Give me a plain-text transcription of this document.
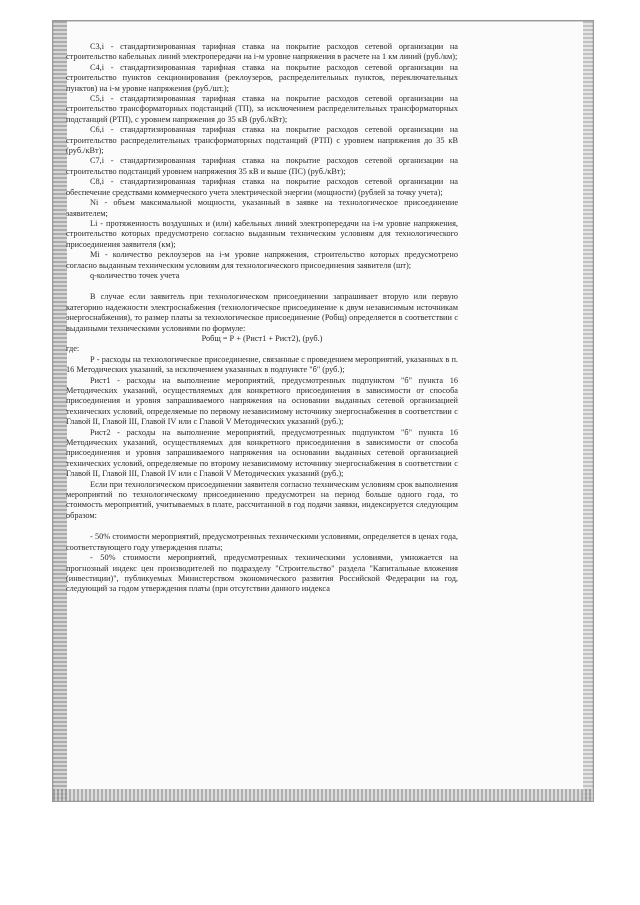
C3,i - стандартизированная тарифная ставка на покрытие расходов сетевой организации на строительство кабельных линий электропередачи на i-м уровне напряжения в расчете на 1 км линий (руб./км);

C4,i - стандартизированная тарифная ставка на покрытие расходов сетевой организации на строительство пунктов секционирования (реклоузеров, распределительных пунктов, переключательных пунктов) на i-м уровне напряжения (руб./шт.);

C5,i - стандартизированная тарифная ставка на покрытие расходов сетевой организации на строительство трансформаторных подстанций (ТП), за исключением распределительных трансформаторных подстанций (РТП), с уровнем напряжения до 35 кВ (руб./кВт);

C6,i - стандартизированная тарифная ставка на покрытие расходов сетевой организации на строительство распределительных трансформаторных подстанций (РТП) с уровнем напряжения до 35 кВ (руб./кВт);

C7,i - стандартизированная тарифная ставка на покрытие расходов сетевой организации на строительство подстанций уровнем напряжения 35 кВ и выше (ПС) (руб./кВт);

C8,i - стандартизированная тарифная ставка на покрытие расходов сетевой организации на обеспечение средствами коммерческого учета электрической энергии (мощности) (рублей за точку учета);

Ni - объем максимальной мощности, указанный в заявке на технологическое присоединение заявителем;

Li - протяженность воздушных и (или) кабельных линий электропередачи на i-м уровне напряжения, строительство которых предусмотрено согласно выданным техническим условиям для технологического присоединения заявителя (км);

Mi - количество реклоузеров на i-м уровне напряжения, строительство которых предусмотрено согласно выданным техническим условиям для технологического присоединения заявителя (шт);

q-количество точек учета

В случае если заявитель при технологическом присоединении запрашивает вторую или первую категорию надежности электроснабжения (технологическое присоединение к двум независимым источникам энергоснабжения), то размер платы за технологическое присоединение (Робщ) определяется в соответствии с выданными техническими условиями по формуле:

Робщ = Р + (Рист1 + Рист2), (руб.)

где:

Р - расходы на технологическое присоединение, связанные с проведением мероприятий, указанных в п. 16 Методических указаний, за исключением указанных в подпункте "б" (руб.);

Рист1 - расходы на выполнение мероприятий, предусмотренных подпунктом "б" пункта 16 Методических указаний, осуществляемых для конкретного присоединения в зависимости от способа присоединения и уровня запрашиваемого напряжения на основании выданных сетевой организацией технических условий, определяемые по первому независимому источнику энергоснабжения в соответствии с Главой II, Главой III, Главой IV или с Главой V Методических указаний (руб.);

Рист2 - расходы на выполнение мероприятий, предусмотренных подпунктом "б" пункта 16 Методических указаний, осуществляемых для конкретного присоединения в зависимости от способа присоединения и уровня запрашиваемого напряжения на основании выданных сетевой организацией технических условий, определяемые по второму независимому источнику энергоснабжения в соответствии с Главой II, Главой III, Главой IV или с Главой V Методических указаний (руб.);

Если при технологическом присоединении заявителя согласно техническим условиям срок выполнения мероприятий по технологическому присоединению предусмотрен на период больше одного года, то стоимость мероприятий, учитываемых в плате, рассчитанной в год подачи заявки, индексируется следующим образом:

- 50% стоимости мероприятий, предусмотренных техническими условиями, определяется в ценах года, соответствующего году утверждения платы;

- 50% стоимости мероприятий, предусмотренных техническими условиями, умножается на прогнозный индекс цен производителей по подразделу "Строительство" раздела "Капитальные вложения (инвестиции)", публикуемых Министерством экономического развития Российской Федерации на год, следующий за годом утверждения платы (при отсутствии данного индекса
